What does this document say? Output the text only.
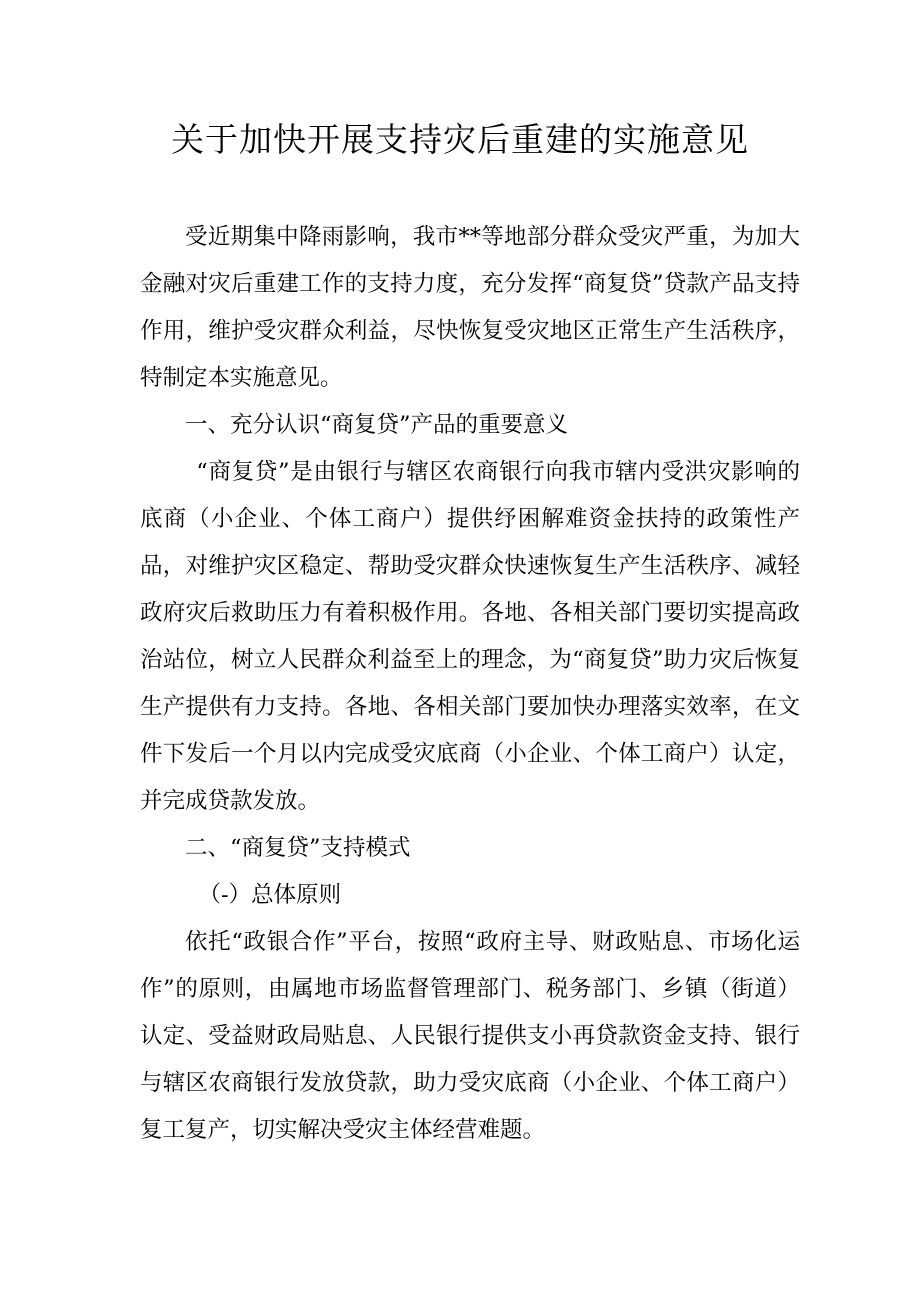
关于加快开展支持灾后重建的实施意见

受近期集中降雨影响，我市**等地部分群众受灾严重，为加大金融对灾后重建工作的支持力度，充分发挥“商复贷”贷款产品支持作用，维护受灾群众利益，尽快恢复受灾地区正常生产生活秩序，特制定本实施意见。

一、充分认识“商复贷”产品的重要意义

“商复贷”是由银行与辖区农商银行向我市辖内受洪灾影响的底商（小企业、个体工商户）提供纾困解难资金扶持的政策性产品，对维护灾区稳定、帮助受灾群众快速恢复生产生活秩序、减轻政府灾后救助压力有着积极作用。各地、各相关部门要切实提高政治站位，树立人民群众利益至上的理念，为“商复贷”助力灾后恢复生产提供有力支持。各地、各相关部门要加快办理落实效率，在文件下发后一个月以内完成受灾底商（小企业、个体工商户）认定，并完成贷款发放。

二、“商复贷”支持模式

（-）总体原则

依托“政银合作”平台，按照“政府主导、财政贴息、市场化运作”的原则，由属地市场监督管理部门、税务部门、乡镇（街道）认定、受益财政局贴息、人民银行提供支小再贷款资金支持、银行与辖区农商银行发放贷款，助力受灾底商（小企业、个体工商户）复工复产，切实解决受灾主体经营难题。
